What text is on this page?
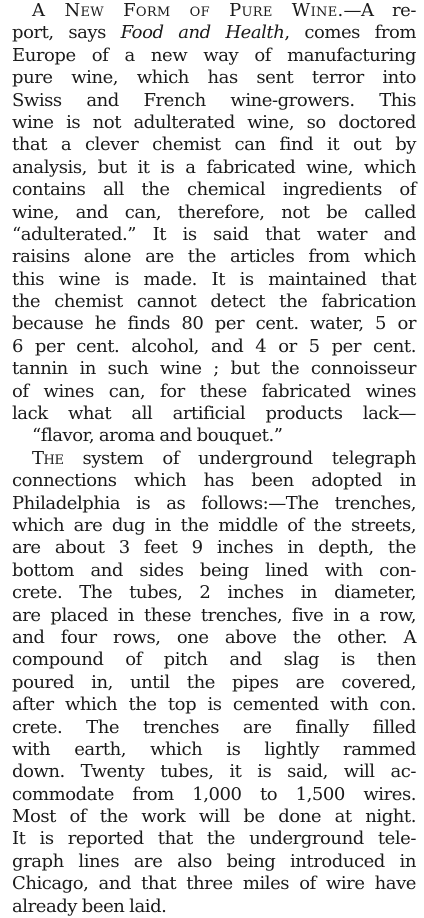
A New Form of Pure Wine.—A re-
port, says Food and Health, comes from
Europe of a new way of manufacturing
pure wine, which has sent terror into
Swiss and French wine-growers. This
wine is not adulterated wine, so doctored
that a clever chemist can find it out by
analysis, but it is a fabricated wine, which
contains all the chemical ingredients of
wine, and can, therefore, not be called
“adulterated.” It is said that water and
raisins alone are the articles from which
this wine is made. It is maintained that
the chemist cannot detect the fabrication
because he finds 80 per cent. water, 5 or
6 per cent. alcohol, and 4 or 5 per cent.
tannin in such wine ; but the connoisseur
of wines can, for these fabricated wines
lack what all artificial products lack—
“flavor, aroma and bouquet.”
The system of underground telegraph
connections which has been adopted in
Philadelphia is as follows:—The trenches,
which are dug in the middle of the streets,
are about 3 feet 9 inches in depth, the
bottom and sides being lined with con-
crete. The tubes, 2 inches in diameter,
are placed in these trenches, five in a row,
and four rows, one above the other. A
compound of pitch and slag is then
poured in, until the pipes are covered,
after which the top is cemented with con.
crete. The trenches are finally filled
with earth, which is lightly rammed
down. Twenty tubes, it is said, will ac-
commodate from 1,000 to 1,500 wires.
Most of the work will be done at night.
It is reported that the underground tele-
graph lines are also being introduced in
Chicago, and that three miles of wire have
already been laid.
